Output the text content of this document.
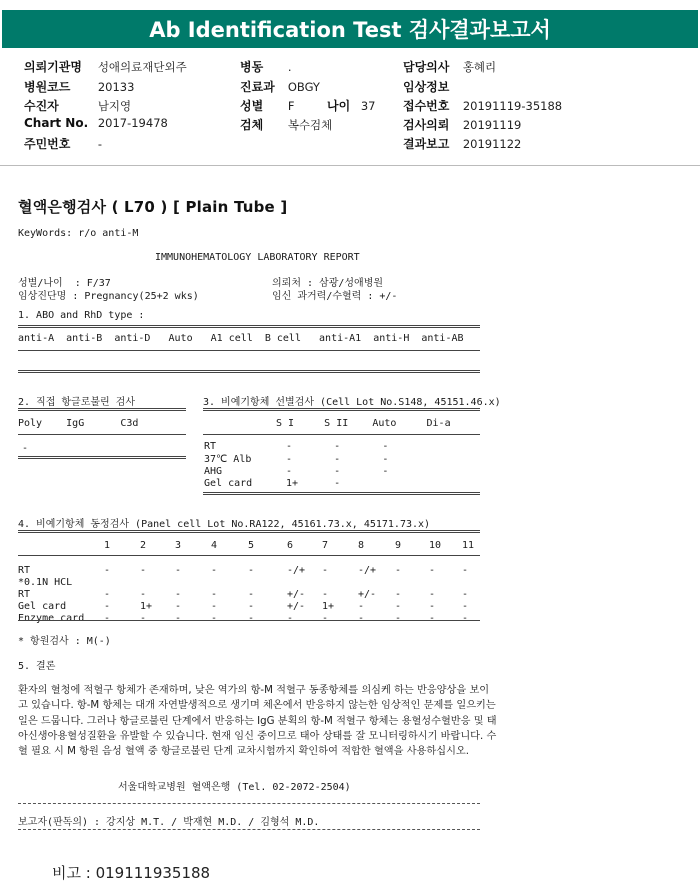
Ab Identification Test 검사결과보고서
의뢰기관명 성애의료재단외주
병원코드 20133
수진자	남지영
Chart No. 2017-19478
주민번호 -
병동 .
진료과 OBGY
성별 F	나이 37
검체 복수검체
담당의사 홍혜리
임상정보
접수번호 20191119-35188
검사의뢰 20191119
결과보고 20191122
혈액은행검사 ( L70 ) [ Plain Tube ]
KeyWords: r/o anti-M
IMMUNOHEMATOLOGY LABORATORY REPORT
성별/나이  : F/37
임상진단명 : Pregnancy(25+2 wks)
의뢰처 : 삼광/성애병원
임신 과거력/수혈력 : +/-
1. ABO and RhD type :
anti-A  anti-B  anti-D   Auto   A1 cell  B cell   anti-A1  anti-H  anti-AB
2. 직접 항글로불린 검사
Poly    IgG      C3d
-
3. 비예기항체 선별검사 (Cell Lot No.S148, 45151.46.x)
S I     S II    Auto     Di-a
RT	-       -       -
37℃ Alb	-       -       -
AHG	-       -       -
Gel card	1+      -
4. 비예기항체 동정검사 (Panel cell Lot No.RA122, 45161.73.x, 45171.73.x)
1	2	3	4	5	6	7	8	9	10 11
RT	-	-	-	-	-	-/+ -	-/+ -	-	-
*0.1N HCL
RT	-	-	-	-	-	+/- -	+/- -	-	-
Gel card	-	1+ -	-	-	+/- 1+ -	-	-	-
Enzyme card -	-	-	-	-	-	-	-	-	-	-
* 항원검사 : M(-)
5. 결론
환자의 혈청에 적혈구 항체가 존재하며, 낮은 역가의 항-M 적혈구 동종항체를 의심케 하는 반응양상을 보이고 있습니다. 항-M 항체는 대개 자연발생적으로 생기며 체온에서 반응하지 않는한 임상적인 문제를 일으키는 일은 드뭅니다. 그러나 항글로불린 단계에서 반응하는 IgG 분획의 항-M 적혈구 항체는 용혈성수혈반응 및 태아신생아용혈성질환을 유발할 수 있습니다. 현재 임신 중이므로 태아 상태를 잘 모니터링하시기 바랍니다. 수혈 필요 시 M 항원 음성 혈액 중 항글로불린 단계 교차시험까지 확인하여 적합한 혈액을 사용하십시오.
서울대학교병원 혈액은행 (Tel. 02-2072-2504)
보고자(판독의) : 강지상 M.T. / 박재현 M.D. / 김형석 M.D.
비고 : 019111935188
